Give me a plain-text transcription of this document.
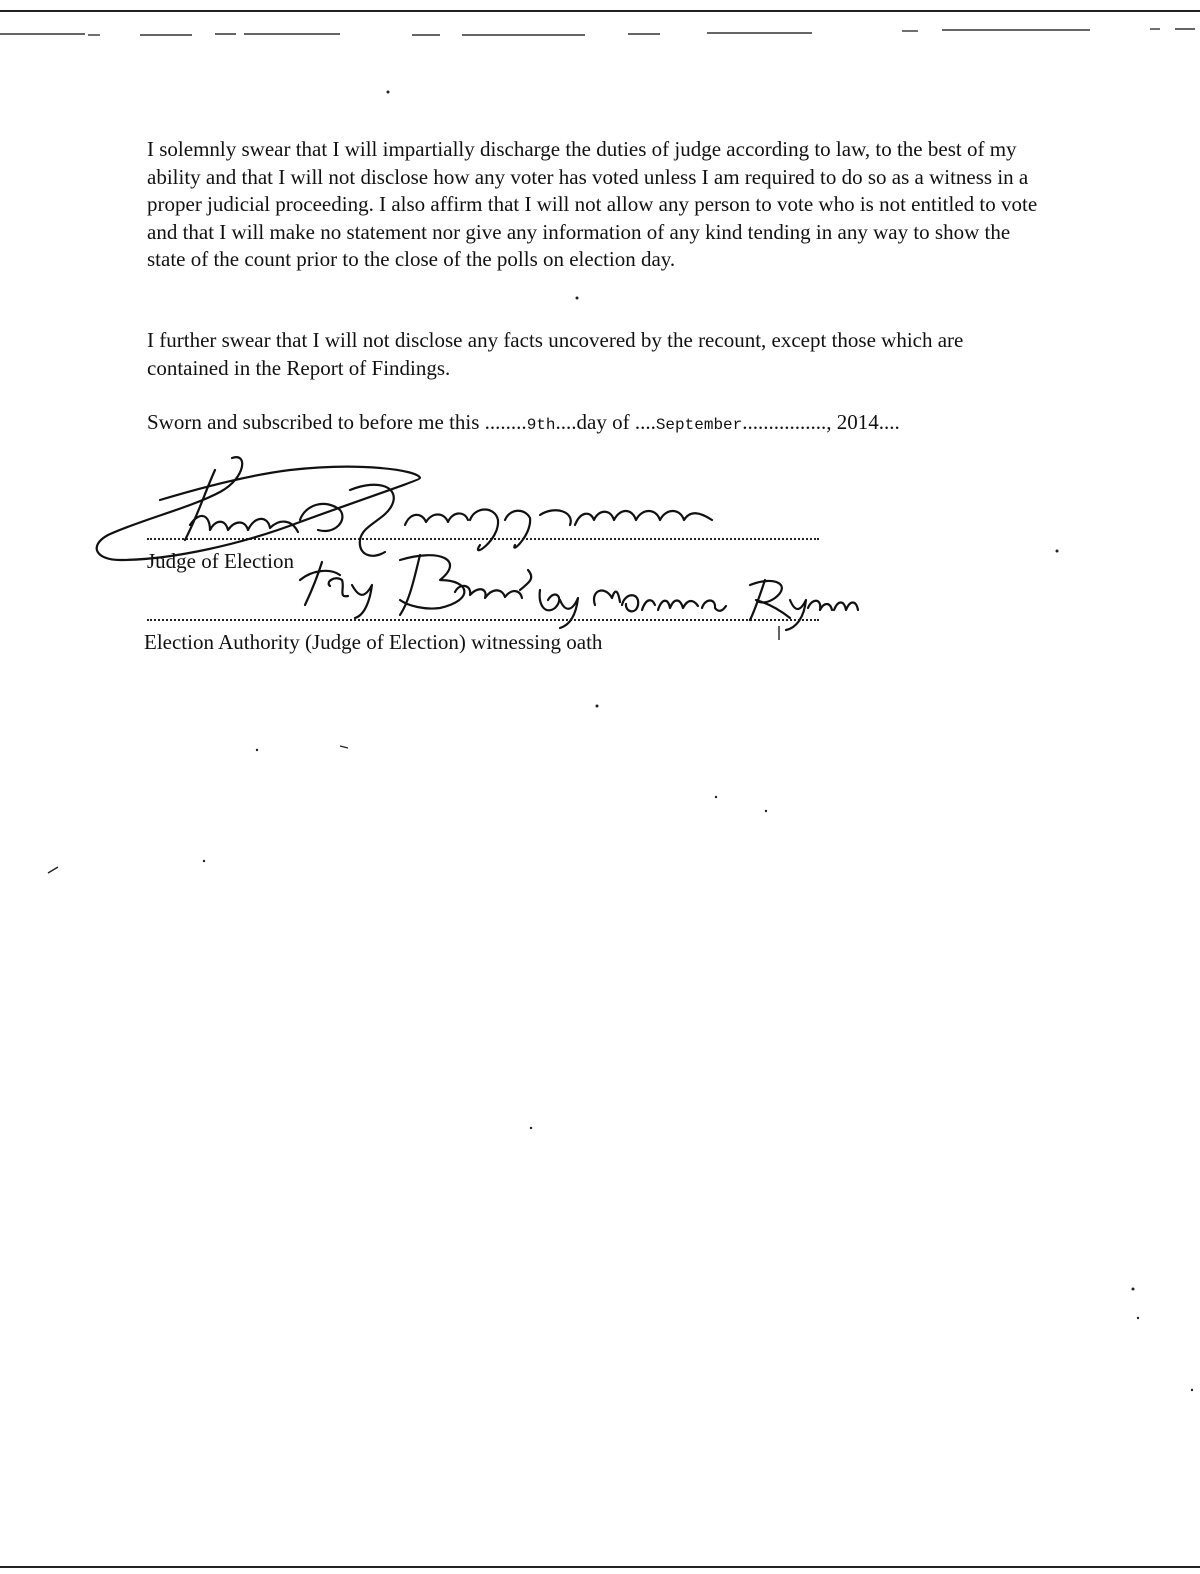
I solemnly swear that I will impartially discharge the duties of judge according to law, to the best of my ability and that I will not disclose how any voter has voted unless I am required to do so as a witness in a proper judicial proceeding. I also affirm that I will not allow any person to vote who is not entitled to vote and that I will make no statement nor give any information of any kind tending in any way to show the state of the count prior to the close of the polls on election day.

I further swear that I will not disclose any facts uncovered by the recount, except those which are contained in the Report of Findings.

Sworn and subscribed to before me this ........9th....day of ....September................, 2014....
Judge of Election
Election Authority (Judge of Election) witnessing oath
